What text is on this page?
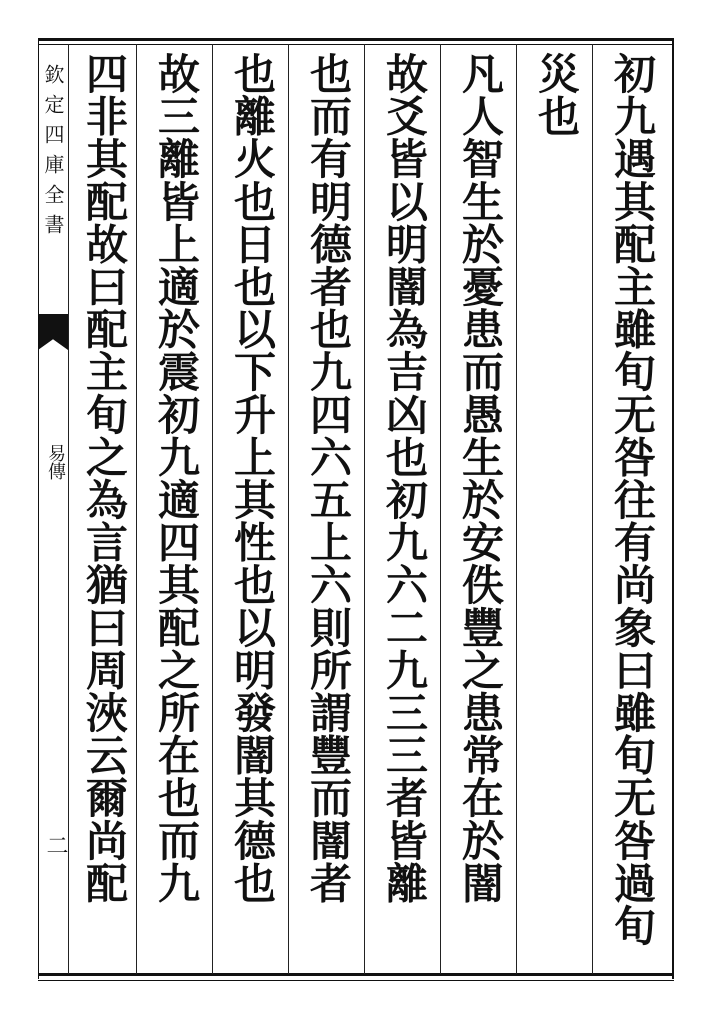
欽定四庫全書
易傳
二	初九遇其配主雖旬无咎往有尚象曰雖旬无咎過旬
災也
凡人智生於憂患而愚生於安佚豐之患常在於闇
故爻皆以明闇為吉凶也初九六二九三三者皆離
也而有明德者也九四六五上六則所謂豐而闇者
也離火也日也以下升上其性也以明發闇其德也
故三離皆上適於震初九適四其配之所在也而九
四非其配故曰配主旬之為言猶曰周浹云爾尚配
